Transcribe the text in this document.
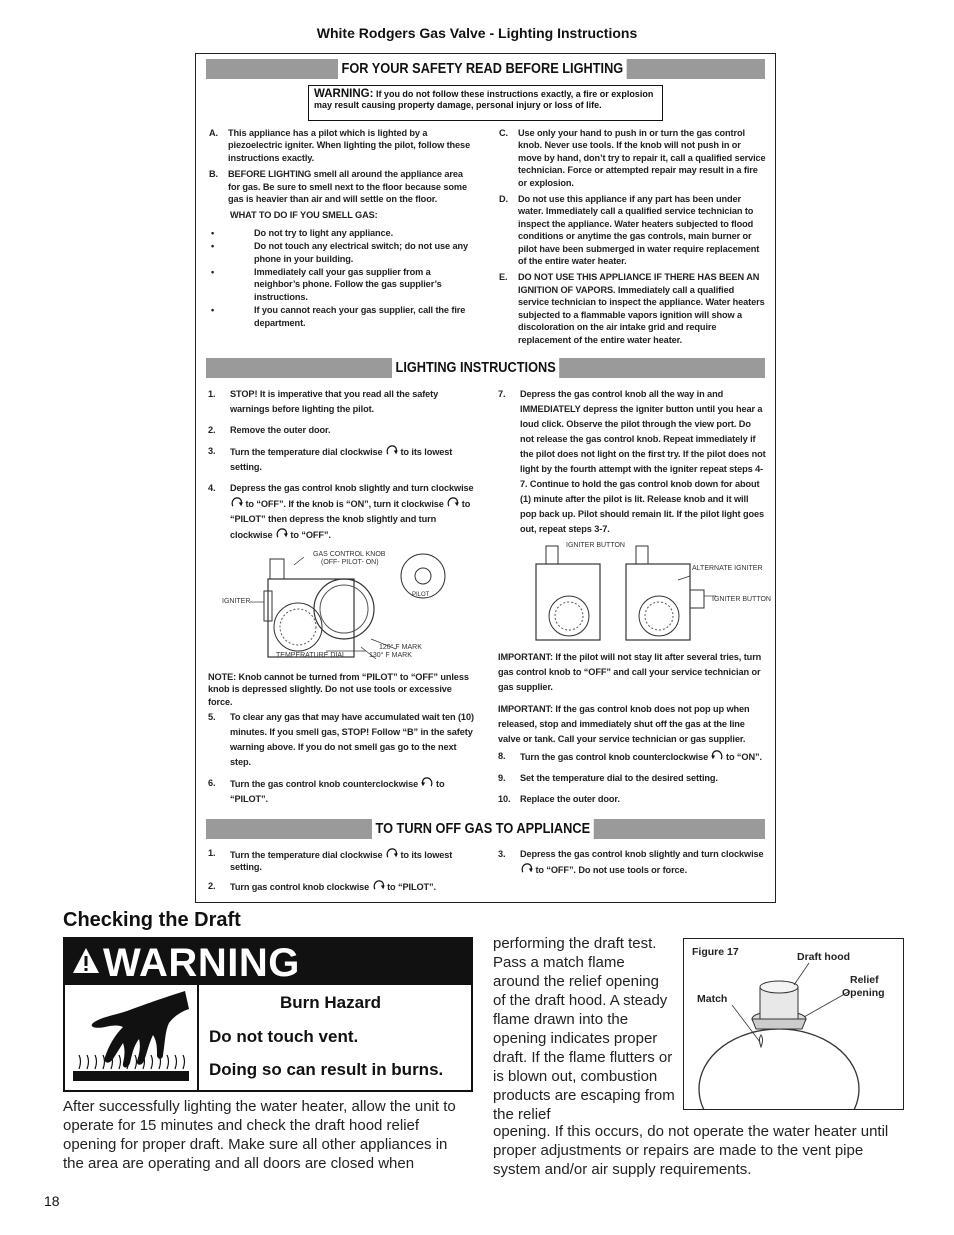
White Rodgers Gas Valve - Lighting Instructions
FOR YOUR SAFETY READ BEFORE LIGHTING
WARNING: If you do not follow these instructions exactly, a fire or explosion may result causing property damage, personal injury or loss of life.
A. This appliance has a pilot which is lighted by a piezoelectric igniter. When lighting the pilot, follow these instructions exactly.
B. BEFORE LIGHTING smell all around the appliance area for gas. Be sure to smell next to the floor because some gas is heavier than air and will settle on the floor.
WHAT TO DO IF YOU SMELL GAS:
• Do not try to light any appliance.
• Do not touch any electrical switch; do not use any phone in your building.
• Immediately call your gas supplier from a neighbor’s phone. Follow the gas supplier’s instructions.
• If you cannot reach your gas supplier, call the fire department.
C. Use only your hand to push in or turn the gas control knob. Never use tools. If the knob will not push in or move by hand, don’t try to repair it, call a qualified service technician. Force or attempted repair may result in a fire or explosion.
D. Do not use this appliance if any part has been under water. Immediately call a qualified service technician to inspect the appliance. Water heaters subjected to flood conditions or anytime the gas controls, main burner or pilot have been submerged in water require replacement of the entire water heater.
E. DO NOT USE THIS APPLIANCE IF THERE HAS BEEN AN IGNITION OF VAPORS. Immediately call a qualified service technician to inspect the appliance. Water heaters subjected to a flammable vapors ignition will show a discoloration on the air intake grid and require replacement of the entire water heater.
LIGHTING INSTRUCTIONS
1. STOP! It is imperative that you read all the safety warnings before lighting the pilot.
2. Remove the outer door.
3. Turn the temperature dial clockwise to its lowest setting.
4. Depress the gas control knob slightly and turn clockwise  to “OFF”. If the knob is “ON”, turn it clockwise to “PILOT” then depress the knob slightly and turn clockwise to “OFF”.
GAS CONTROL KNOB
(OFF- PILOT- ON)
IGNITER
PILOT
120° F MARK
TEMPERATURE DIAL	130° F MARK
NOTE: Knob cannot be turned from “PILOT” to “OFF” unless knob is depressed slightly. Do not use tools or excessive force.
5. To clear any gas that may have accumulated wait ten (10) minutes. If you smell gas, STOP! Follow “B” in the safety warning above. If you do not smell gas go to the next step.
6. Turn the gas control knob counterclockwise to “PILOT”.
7. Depress the gas control knob all the way in and IMMEDIATELY depress the igniter button until you hear a loud click. Observe the pilot through the view port. Do not release the gas control knob. Repeat immediately if the pilot does not light on the first try. If the pilot does not light by the fourth attempt with the igniter repeat steps 4-7. Continue to hold the gas control knob down for about (1) minute after the pilot is lit. Release knob and it will pop back up. Pilot should remain lit. If the pilot light goes out, repeat steps 3-7.
IGNITER BUTTON
ALTERNATE IGNITER
IGNITER BUTTON
IMPORTANT: If the pilot will not stay lit after several tries, turn gas control knob to “OFF” and call your service technician or gas supplier.
IMPORTANT: If the gas control knob does not pop up when released, stop and immediately shut off the gas at the line valve or tank. Call your service technician or gas supplier.
8. Turn the gas control knob counterclockwise to “ON”.
9. Set the temperature dial to the desired setting.
10. Replace the outer door.
TO TURN OFF GAS TO APPLIANCE
1. Turn the temperature dial clockwise to its lowest setting.
2. Turn gas control knob clockwise to “PILOT”.
3. Depress the gas control knob slightly and turn clockwise  to “OFF”. Do not use tools or force.
Checking the Draft
WARNING
Burn Hazard
Do not touch vent.
Doing so can result in burns.
After successfully lighting the water heater, allow the unit to operate for 15 minutes and check the draft hood relief opening for proper draft. Make sure all other appliances in the area are operating and all doors are closed when
performing the draft test. Pass a match flame around the relief opening of the draft hood. A steady flame drawn into the opening indicates proper draft. If the flame flutters or is blown out, combustion products are escaping from the relief
opening. If this occurs, do not operate the water heater until proper adjustments or repairs are made to the vent pipe system and/or air supply requirements.
Figure 17	Draft hood
Relief
Opening
Match
18
